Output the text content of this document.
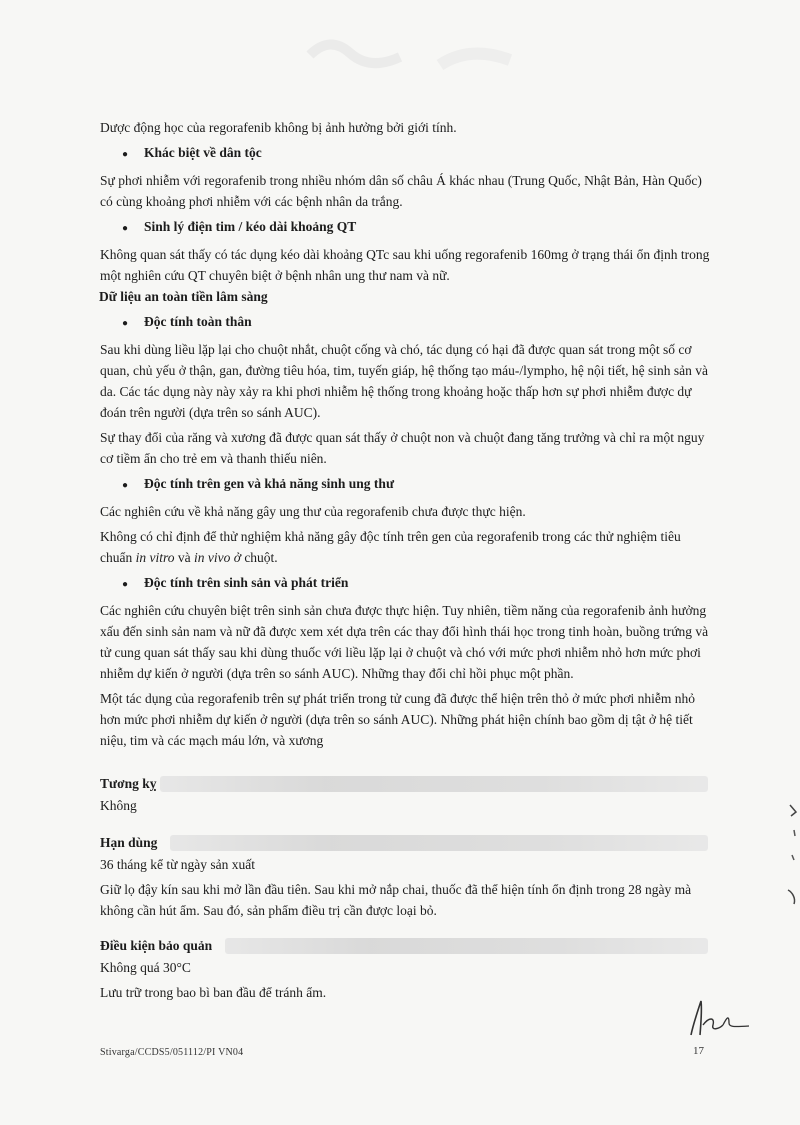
Dược động học của regorafenib không bị ảnh hưởng bởi giới tính.

●	Khác biệt về dân tộc

Sự phơi nhiễm với regorafenib trong nhiều nhóm dân số châu Á khác nhau (Trung Quốc, Nhật Bản, Hàn Quốc) có cùng khoảng phơi nhiễm với các bệnh nhân da trắng.

●	Sinh lý điện tim / kéo dài khoảng QT

Không quan sát thấy có tác dụng kéo dài khoảng QTc sau khi uống regorafenib 160mg ở trạng thái ổn định trong một nghiên cứu QT chuyên biệt ở bệnh nhân ung thư nam và nữ.

Dữ liệu an toàn tiền lâm sàng

●	Độc tính toàn thân

Sau khi dùng liều lặp lại cho chuột nhắt, chuột cống và chó, tác dụng có hại đã được quan sát trong một số cơ quan, chủ yếu ở thận, gan, đường tiêu hóa, tim, tuyến giáp, hệ thống tạo máu-/lympho, hệ nội tiết, hệ sinh sản và da. Các tác dụng này này xảy ra khi phơi nhiễm hệ thống trong khoảng hoặc thấp hơn sự phơi nhiễm được dự đoán trên người (dựa trên so sánh AUC).

Sự thay đổi của răng và xương đã được quan sát thấy ở chuột non và chuột đang tăng trưởng và chỉ ra một nguy cơ tiềm ẩn cho trẻ em và thanh thiếu niên.

●	Độc tính trên gen và khả năng sinh ung thư

Các nghiên cứu về khả năng gây ung thư của regorafenib chưa được thực hiện.

Không có chỉ định để thử nghiệm khả năng gây độc tính trên gen của regorafenib trong các thử nghiệm tiêu chuẩn in vitro và in vivo ở chuột.

●	Độc tính trên sinh sản và phát triển

Các nghiên cứu chuyên biệt trên sinh sản chưa được thực hiện. Tuy nhiên, tiềm năng của regorafenib ảnh hưởng xấu đến sinh sản nam và nữ đã được xem xét dựa trên các thay đổi hình thái học trong tinh hoàn, buồng trứng và tử cung quan sát thấy sau khi dùng thuốc với liều lặp lại ở chuột và chó với mức phơi nhiễm nhỏ hơn mức phơi nhiễm dự kiến ở người (dựa trên so sánh AUC). Những thay đổi chỉ hồi phục một phần.

Một tác dụng của regorafenib trên sự phát triển trong tử cung đã được thể hiện trên thỏ ở mức phơi nhiễm nhỏ hơn mức phơi nhiễm dự kiến ở người (dựa trên so sánh AUC). Những phát hiện chính bao gồm dị tật ở hệ tiết niệu, tim và các mạch máu lớn, và xương

Tương kỵ

Không

Hạn dùng

36 tháng kể từ ngày sản xuất

Giữ lọ đậy kín sau khi mở lần đầu tiên. Sau khi mở nắp chai, thuốc đã thể hiện tính ổn định trong 28 ngày mà không cần hút ẩm. Sau đó, sản phẩm điều trị cần được loại bỏ.

Điều kiện bảo quản

Không quá 30°C

Lưu trữ trong bao bì ban đầu để tránh ẩm.

Stivarga/CCDS5/051112/PI VN04	17
